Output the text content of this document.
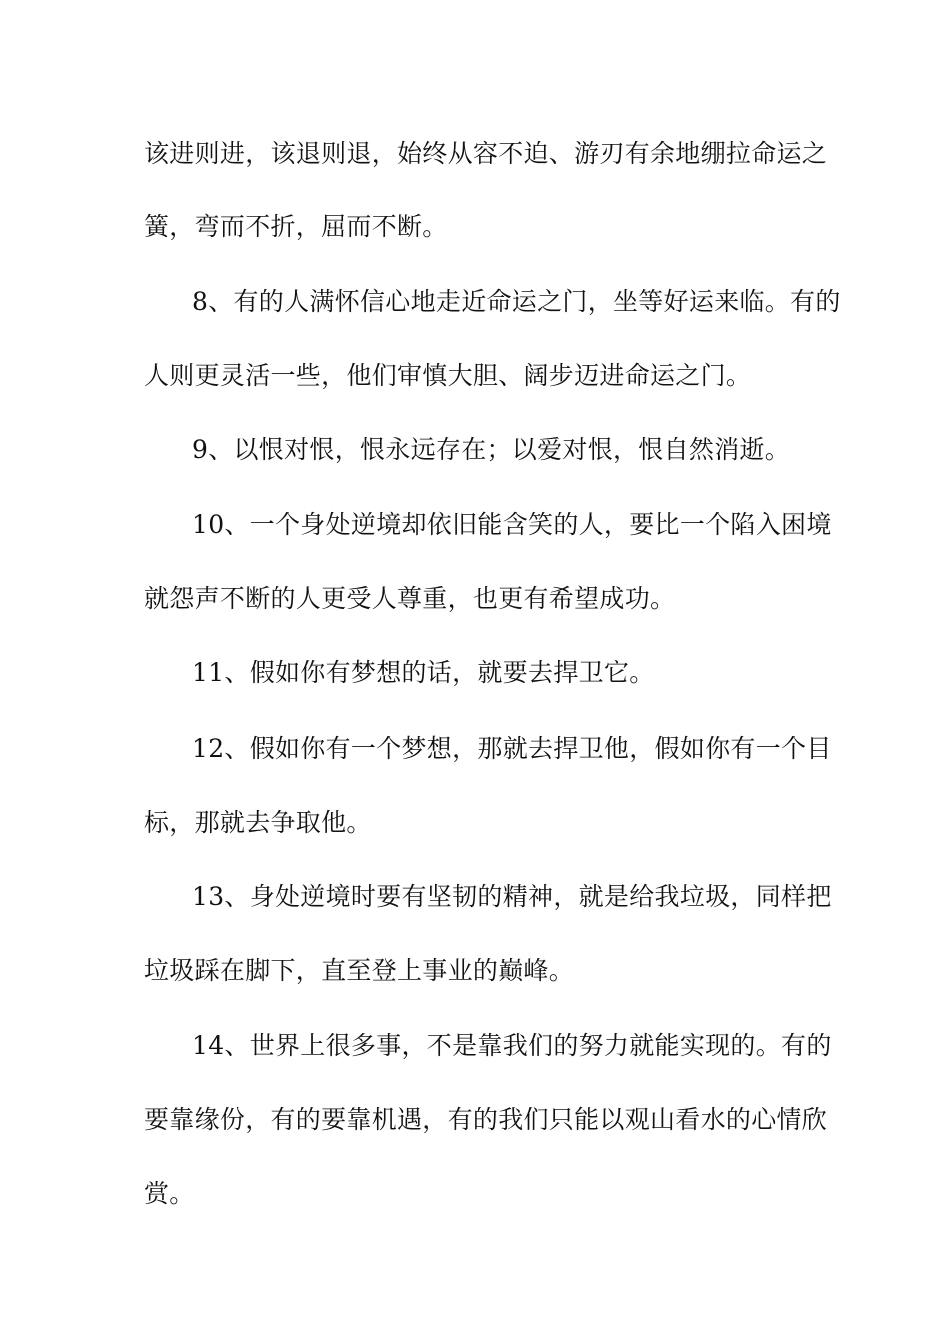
该进则进，该退则退，始终从容不迫、游刃有余地绷拉命运之
簧，弯而不折，屈而不断。
8、有的人满怀信心地走近命运之门，坐等好运来临。有的
人则更灵活一些，他们审慎大胆、阔步迈进命运之门。
9、以恨对恨，恨永远存在；以爱对恨，恨自然消逝。
10、一个身处逆境却依旧能含笑的人，要比一个陷入困境
就怨声不断的人更受人尊重，也更有希望成功。
11、假如你有梦想的话，就要去捍卫它。
12、假如你有一个梦想，那就去捍卫他，假如你有一个目
标，那就去争取他。
13、身处逆境时要有坚韧的精神，就是给我垃圾，同样把
垃圾踩在脚下，直至登上事业的巅峰。
14、世界上很多事，不是靠我们的努力就能实现的。有的
要靠缘份，有的要靠机遇，有的我们只能以观山看水的心情欣
赏。
